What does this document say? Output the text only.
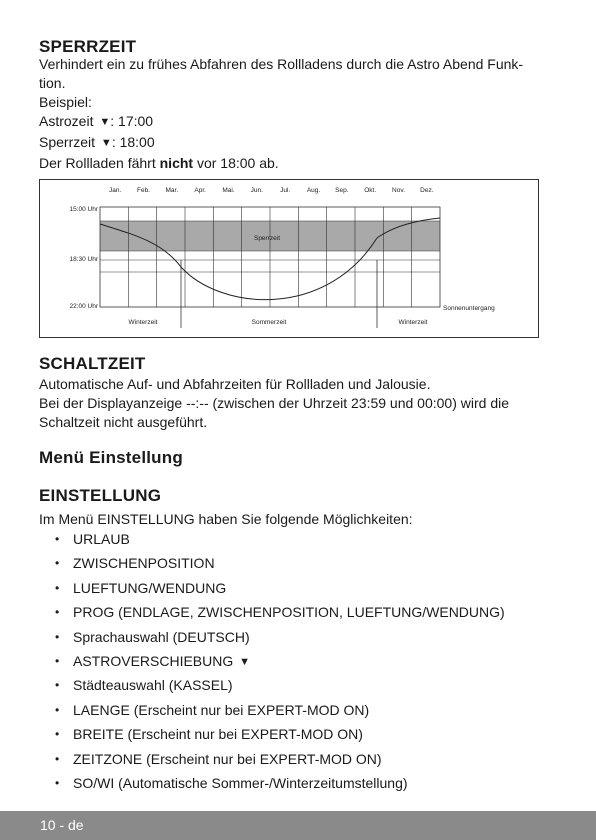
SPERRZEIT
Verhindert ein zu frühes Abfahren des Rollladens durch die Astro Abend Funk-
tion.
Beispiel:
Astrozeit ▼: 17:00
Sperrzeit ▼: 18:00
Der Rollladen fährt nicht vor 18:00 ab.
Jan. Feb. Mar. Apr.	Mai. Jun.	Jul.	Aug. Sep. Okt. Nov. Dez.
15:00 Uhr
18:30 Uhr
22:00 Uhr
Sperrzeit
Sonnenuntergang
Winterzeit	Sommerzeit	Winterzeit
SCHALTZEIT
Automatische Auf- und Abfahrzeiten für Rollladen und Jalousie.
Bei der Displayanzeige --:-- (zwischen der Uhrzeit 23:59 und 00:00) wird die
Schaltzeit nicht ausgeführt.
Menü Einstellung
EINSTELLUNG
Im Menü EINSTELLUNG haben Sie folgende Möglichkeiten:
• URLAUB
• ZWISCHENPOSITION
• LUEFTUNG/WENDUNG
• PROG (ENDLAGE, ZWISCHENPOSITION, LUEFTUNG/WENDUNG)
• Sprachauswahl (DEUTSCH)
• ASTROVERSCHIEBUNG ▼
• Städteauswahl (KASSEL)
• LAENGE (Erscheint nur bei EXPERT-MOD ON)
• BREITE (Erscheint nur bei EXPERT-MOD ON)
• ZEITZONE (Erscheint nur bei EXPERT-MOD ON)
• SO/WI (Automatische Sommer-/Winterzeitumstellung)
10 - de
